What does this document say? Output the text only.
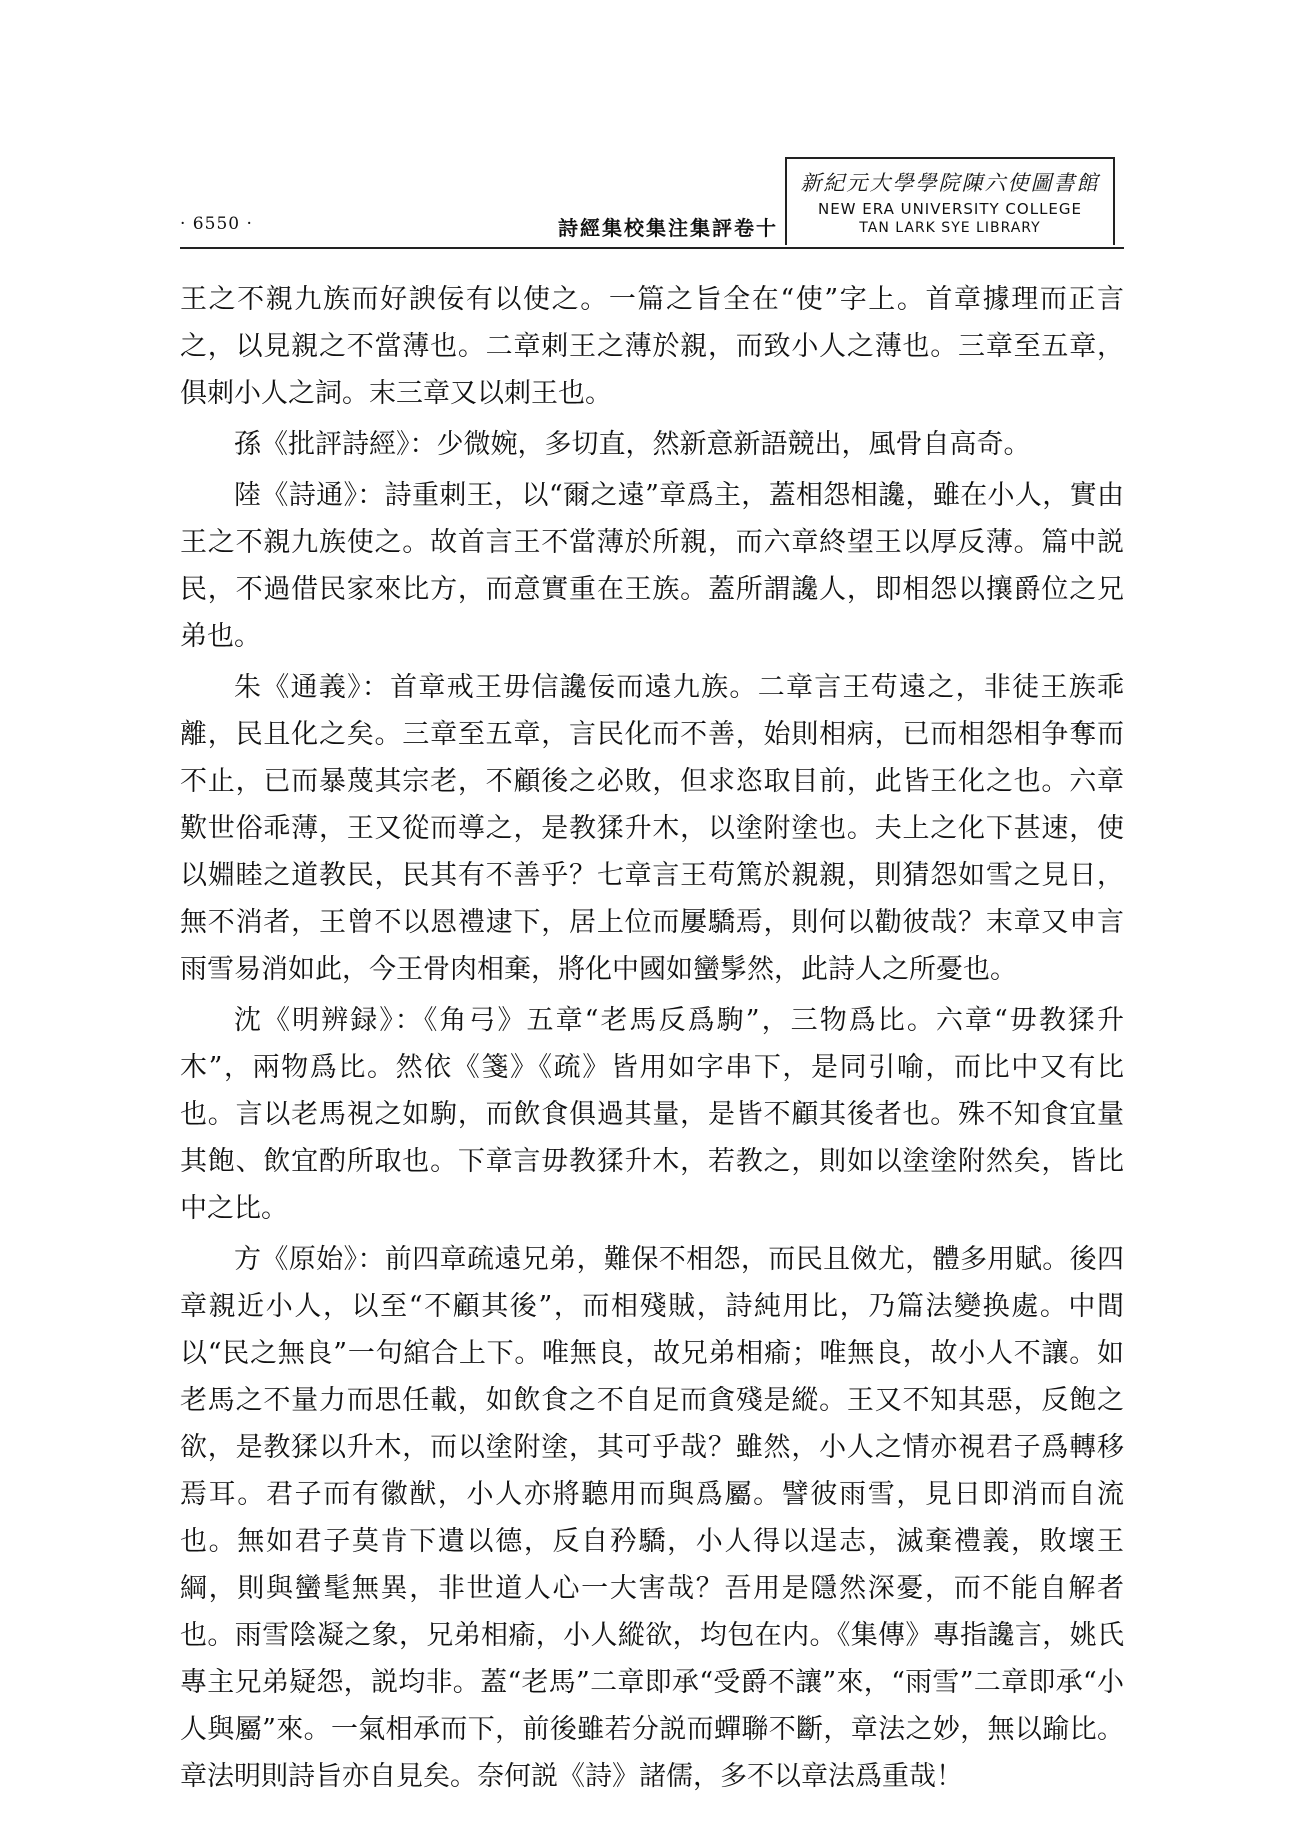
· 6550 ·	詩經集校集注集評卷十
新紀元大學學院陳六使圖書館
NEW ERA UNIVERSITY COLLEGE
TAN LARK SYE LIBRARY

王之不親九族而好諛佞有以使之。一篇之旨全在“使”字上。首章據理而正言之，以見親之不當薄也。二章刺王之薄於親，而致小人之薄也。三章至五章，俱刺小人之詞。末三章又以刺王也。

孫《批評詩經》：少微婉，多切直，然新意新語競出，風骨自高奇。

陸《詩通》：詩重刺王，以“爾之遠”章爲主，蓋相怨相讒，雖在小人，實由王之不親九族使之。故首言王不當薄於所親，而六章終望王以厚反薄。篇中説民，不過借民家來比方，而意實重在王族。蓋所謂讒人，即相怨以攘爵位之兄弟也。

朱《通義》：首章戒王毋信讒佞而遠九族。二章言王苟遠之，非徒王族乖離，民且化之矣。三章至五章，言民化而不善，始則相病，已而相怨相争奪而不止，已而暴蔑其宗老，不顧後之必敗，但求恣取目前，此皆王化之也。六章歎世俗乖薄，王又從而導之，是教猱升木，以塗附塗也。夫上之化下甚速，使以婣睦之道教民，民其有不善乎？七章言王苟篤於親親，則猜怨如雪之見日，無不消者，王曾不以恩禮逮下，居上位而屢驕焉，則何以勸彼哉？末章又申言雨雪易消如此，今王骨肉相棄，將化中國如蠻髳然，此詩人之所憂也。

沈《明辨録》：《角弓》五章“老馬反爲駒”，三物爲比。六章“毋教猱升木”，兩物爲比。然依《箋》《疏》皆用如字串下，是同引喻，而比中又有比也。言以老馬視之如駒，而飲食俱過其量，是皆不顧其後者也。殊不知食宜量其飽、飲宜酌所取也。下章言毋教猱升木，若教之，則如以塗塗附然矣，皆比中之比。

方《原始》：前四章疏遠兄弟，難保不相怨，而民且傚尤，體多用賦。後四章親近小人，以至“不顧其後”，而相殘賊，詩純用比，乃篇法變换處。中間以“民之無良”一句綰合上下。唯無良，故兄弟相瘉；唯無良，故小人不讓。如老馬之不量力而思任載，如飲食之不自足而貪殘是縱。王又不知其惡，反飽之欲，是教猱以升木，而以塗附塗，其可乎哉？雖然，小人之情亦視君子爲轉移焉耳。君子而有徽猷，小人亦將聽用而與爲屬。譬彼雨雪，見日即消而自流也。無如君子莫肯下遺以德，反自矜驕，小人得以逞志，滅棄禮義，敗壞王綱，則與蠻髦無異，非世道人心一大害哉？吾用是隱然深憂，而不能自解者也。雨雪陰凝之象，兄弟相瘉，小人縱欲，均包在内。《集傳》專指讒言，姚氏專主兄弟疑怨，説均非。蓋“老馬”二章即承“受爵不讓”來，“雨雪”二章即承“小人與屬”來。一氣相承而下，前後雖若分説而蟬聯不斷，章法之妙，無以踰比。章法明則詩旨亦自見矣。奈何説《詩》諸儒，多不以章法爲重哉！
